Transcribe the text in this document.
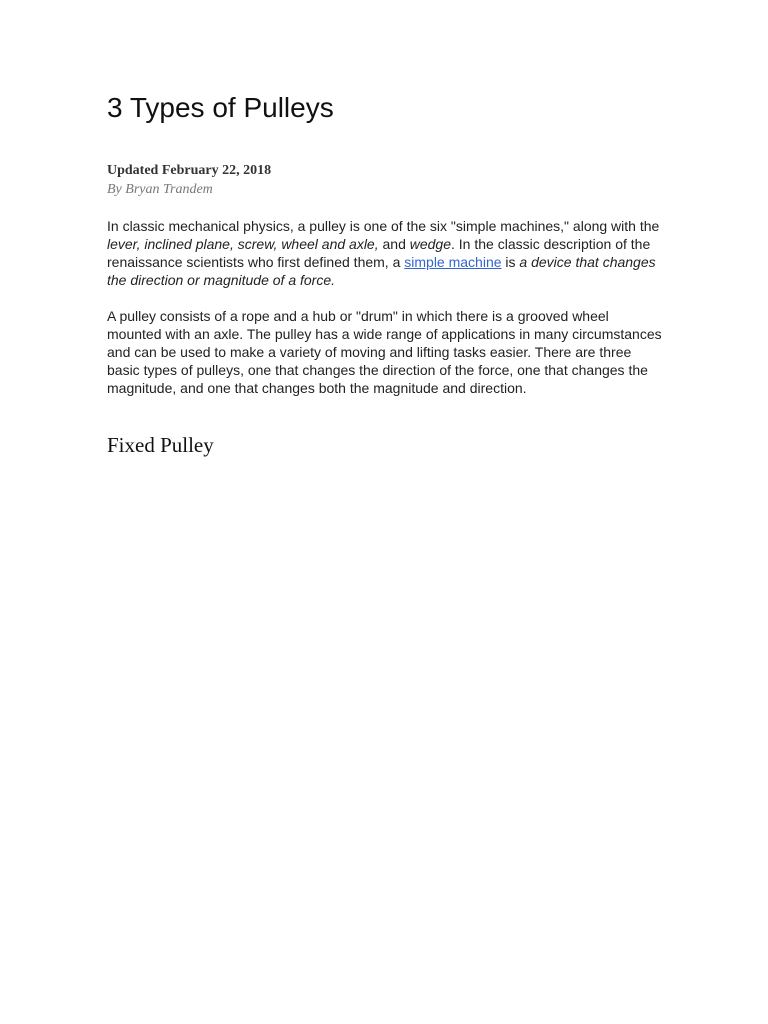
3 Types of Pulleys
Updated February 22, 2018
By Bryan Trandem

In classic mechanical physics, a pulley is one of the six "simple machines," along with the lever, inclined plane, screw, wheel and axle, and wedge. In the classic description of the renaissance scientists who first defined them, a simple machine is a device that changes the direction or magnitude of a force.

A pulley consists of a rope and a hub or "drum" in which there is a grooved wheel mounted with an axle. The pulley has a wide range of applications in many circumstances and can be used to make a variety of moving and lifting tasks easier. There are three basic types of pulleys, one that changes the direction of the force, one that changes the magnitude, and one that changes both the magnitude and direction.

Fixed Pulley
